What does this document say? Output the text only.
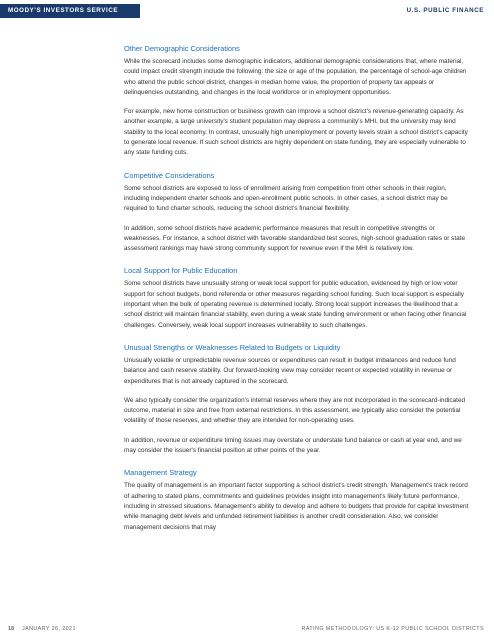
MOODY'S INVESTORS SERVICE	U.S. PUBLIC FINANCE
Other Demographic Considerations

While the scorecard includes some demographic indicators, additional demographic considerations that, where material, could impact credit strength include the following: the size or age of the population, the percentage of school-age children who attend the public school district, changes in median home value, the proportion of property tax appeals or delinquencies outstanding, and changes in the local workforce or in employment opportunities.

For example, new home construction or business growth can improve a school district's revenue-generating capacity. As another example, a large university's student population may depress a community's MHI, but the university may lend stability to the local economy. In contrast, unusually high unemployment or poverty levels strain a school district's capacity to generate local revenue. If such school districts are highly dependent on state funding, they are especially vulnerable to any state funding cuts.

Competitive Considerations

Some school districts are exposed to loss of enrollment arising from competition from other schools in their region, including independent charter schools and open-enrollment public schools. In other cases, a school district may be required to fund charter schools, reducing the school district's financial flexibility.

In addition, some school districts have academic performance measures that result in competitive strengths or weaknesses. For instance, a school district with favorable standardized test scores, high-school graduation rates or state assessment rankings may have strong community support for revenue even if the MHI is relatively low.

Local Support for Public Education

Some school districts have unusually strong or weak local support for public education, evidenced by high or low voter support for school budgets, bond referenda or other measures regarding school funding. Such local support is especially important when the bulk of operating revenue is determined locally. Strong local support increases the likelihood that a school district will maintain financial stability, even during a weak state funding environment or when facing other financial challenges. Conversely, weak local support increases vulnerability to such challenges.

Unusual Strengths or Weaknesses Related to Budgets or Liquidity

Unusually volatile or unpredictable revenue sources or expenditures can result in budget imbalances and reduce fund balance and cash reserve stability. Our forward-looking view may consider recent or expected volatility in revenue or expenditures that is not already captured in the scorecard.

We also typically consider the organization's internal reserves where they are not incorporated in the scorecard-indicated outcome, material in size and free from external restrictions. In this assessment, we typically also consider the potential volatility of those reserves, and whether they are intended for non-operating uses.

In addition, revenue or expenditure timing issues may overstate or understate fund balance or cash at year end, and we may consider the issuer's financial position at other points of the year.

Management Strategy

The quality of management is an important factor supporting a school district's credit strength. Management's track record of adhering to stated plans, commitments and guidelines provides insight into management's likely future performance, including in stressed situations. Management's ability to develop and adhere to budgets that provide for capital investment while managing debt levels and unfunded retirement liabilities is another credit consideration. Also, we consider management decisions that may

18 JANUARY 26, 2021	RATING METHODOLOGY: US K-12 PUBLIC SCHOOL DISTRICTS
